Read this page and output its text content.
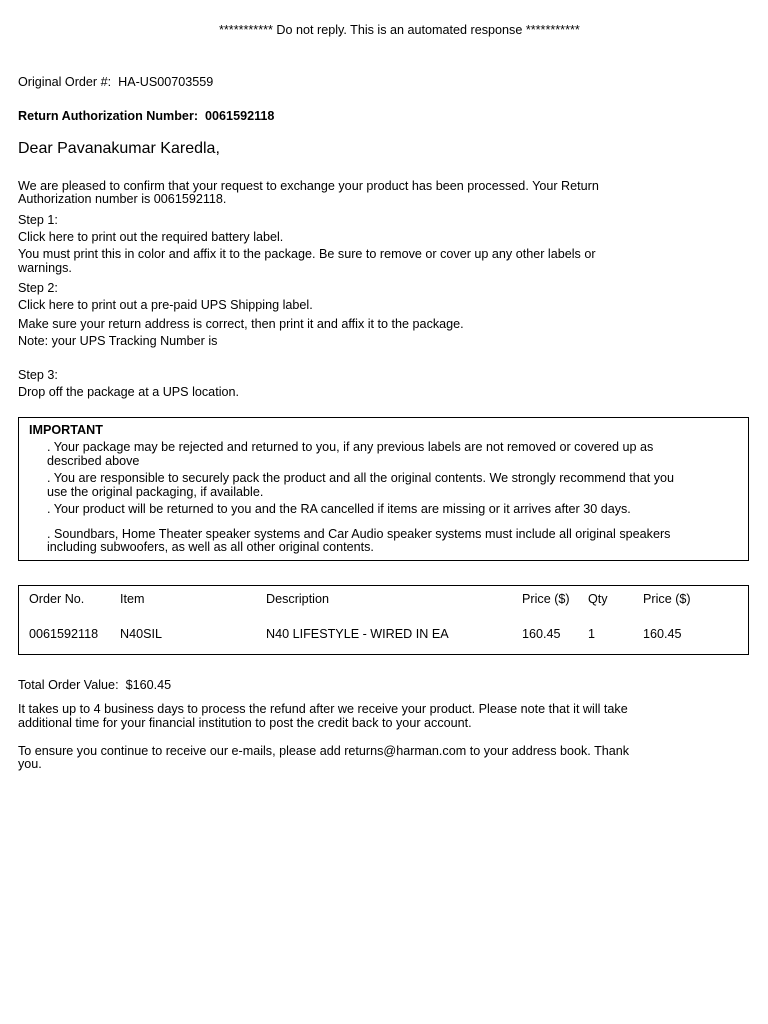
*********** Do not reply. This is an automated response ***********
Original Order #: HA-US00703559
Return Authorization Number: 0061592118
Dear Pavanakumar Karedla,
We are pleased to confirm that your request to exchange your product has been processed. Your Return
Authorization number is 0061592118.
Step 1:
Click here to print out the required battery label.
You must print this in color and affix it to the package. Be sure to remove or cover up any other labels or
warnings.
Step 2:
Click here to print out a pre-paid UPS Shipping label.
Make sure your return address is correct, then print it and affix it to the package.
Note: your UPS Tracking Number is
Step 3:
Drop off the package at a UPS location.
IMPORTANT
. Your package may be rejected and returned to you, if any previous labels are not removed or covered up as
described above
. You are responsible to securely pack the product and all the original contents. We strongly recommend that you
use the original packaging, if available.
. Your product will be returned to you and the RA cancelled if items are missing or it arrives after 30 days.
. Soundbars, Home Theater speaker systems and Car Audio speaker systems must include all original speakers
including subwoofers, as well as all other original contents.
Order No.	Item	Description	Price ($) Qty	Price ($)
0061592118 N40SIL	N40 LIFESTYLE - WIRED IN EA	160.45 1	160.45
Total Order Value: $160.45
It takes up to 4 business days to process the refund after we receive your product. Please note that it will take
additional time for your financial institution to post the credit back to your account.
To ensure you continue to receive our e-mails, please add returns@harman.com to your address book. Thank
you.
